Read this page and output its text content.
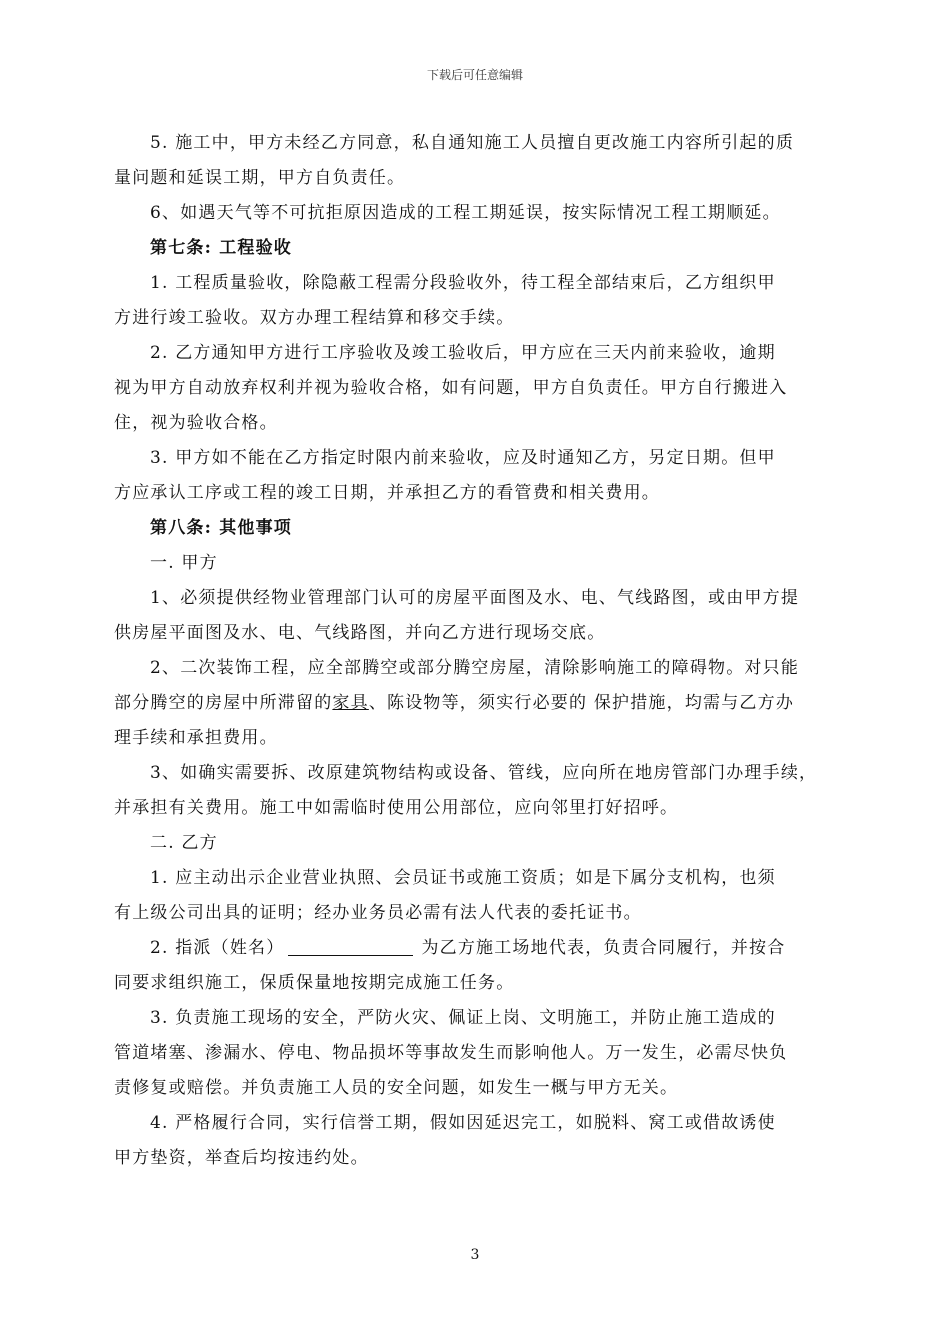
下载后可任意编辑
5. 施工中，甲方未经乙方同意，私自通知施工人员擅自更改施工内容所引起的质
量问题和延误工期，甲方自负责任。
6、如遇天气等不可抗拒原因造成的工程工期延误，按实际情况工程工期顺延。
第七条: 工程验收
1. 工程质量验收，除隐蔽工程需分段验收外，待工程全部结束后，乙方组织甲
方进行竣工验收。双方办理工程结算和移交手续。
2. 乙方通知甲方进行工序验收及竣工验收后，甲方应在三天内前来验收，逾期
视为甲方自动放弃权利并视为验收合格，如有问题，甲方自负责任。甲方自行搬进入
住，视为验收合格。
3. 甲方如不能在乙方指定时限内前来验收，应及时通知乙方，另定日期。但甲
方应承认工序或工程的竣工日期，并承担乙方的看管费和相关费用。
第八条: 其他事项
一. 甲方
1、必须提供经物业管理部门认可的房屋平面图及水、电、气线路图，或由甲方提
供房屋平面图及水、电、气线路图，并向乙方进行现场交底。
2、二次装饰工程，应全部腾空或部分腾空房屋，清除影响施工的障碍物。对只能
部分腾空的房屋中所滞留的家具、陈设物等，须实行必要的 保护措施，均需与乙方办
理手续和承担费用。
3、如确实需要拆、改原建筑物结构或设备、管线，应向所在地房管部门办理手续，
并承担有关费用。施工中如需临时使用公用部位，应向邻里打好招呼。
二. 乙方
1. 应主动出示企业营业执照、会员证书或施工资质；如是下属分支机构，也须
有上级公司出具的证明；经办业务员必需有法人代表的委托证书。
2. 指派（姓名）	为乙方施工场地代表，负责合同履行，并按合
同要求组织施工，保质保量地按期完成施工任务。
3. 负责施工现场的安全，严防火灾、佩证上岗、文明施工，并防止施工造成的
管道堵塞、渗漏水、停电、物品损坏等事故发生而影响他人。万一发生，必需尽快负
责修复或赔偿。并负责施工人员的安全问题，如发生一概与甲方无关。
4. 严格履行合同，实行信誉工期，假如因延迟完工，如脱料、窝工或借故诱使
甲方垫资，举查后均按违约处。
3
